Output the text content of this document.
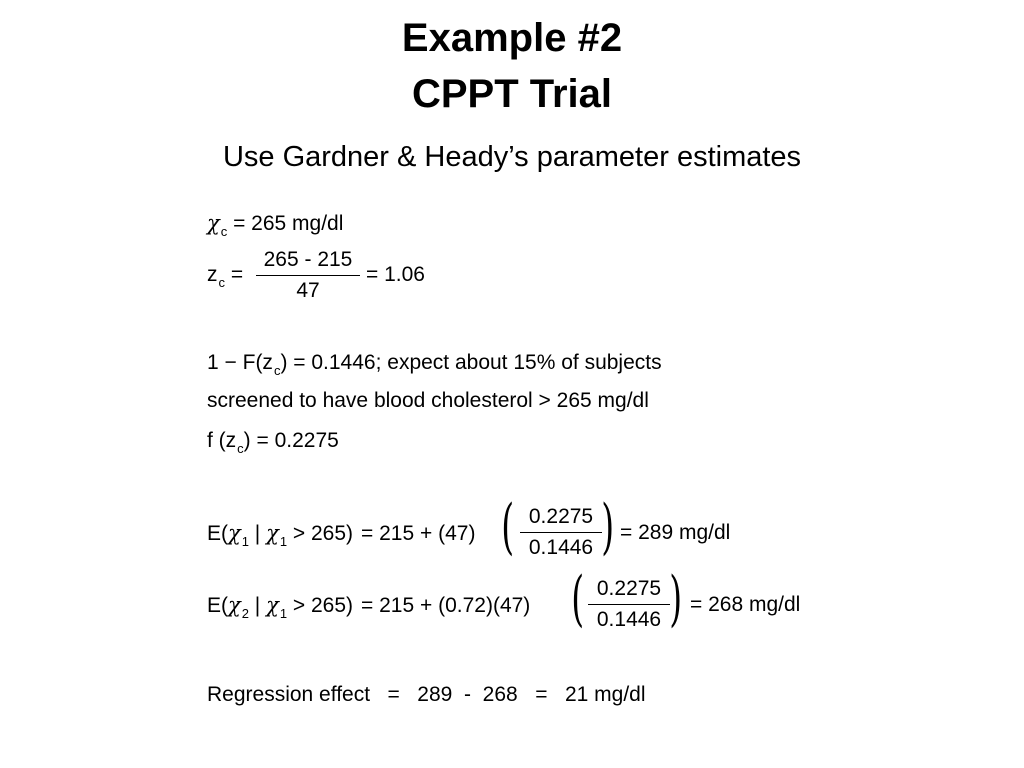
Example #2
CPPT Trial
Use Gardner & Heady’s parameter estimates
$\chi_c = 265$ mg/dl
$z_c$ =
265 - 215
47
= 1.06
$1 - F(z_c) = 0.1446$; expect about 15% of subjects
screened to have blood cholesterol > 265 mg/dl
f $(z_c) = 0.2275$
$E(\chi_1$ | $\chi_1 > 265) = 215 + (47)$ ( 0.2275
0.1446 ) = 289 mg/dl
$E(\chi_2$ | $\chi_1 > 265) = 215 + (0.72)(47)$ ( 0.2275
0.1446 ) = 268 mg/dl
Regression effect   =   289  -  268   =   21 mg/dl
